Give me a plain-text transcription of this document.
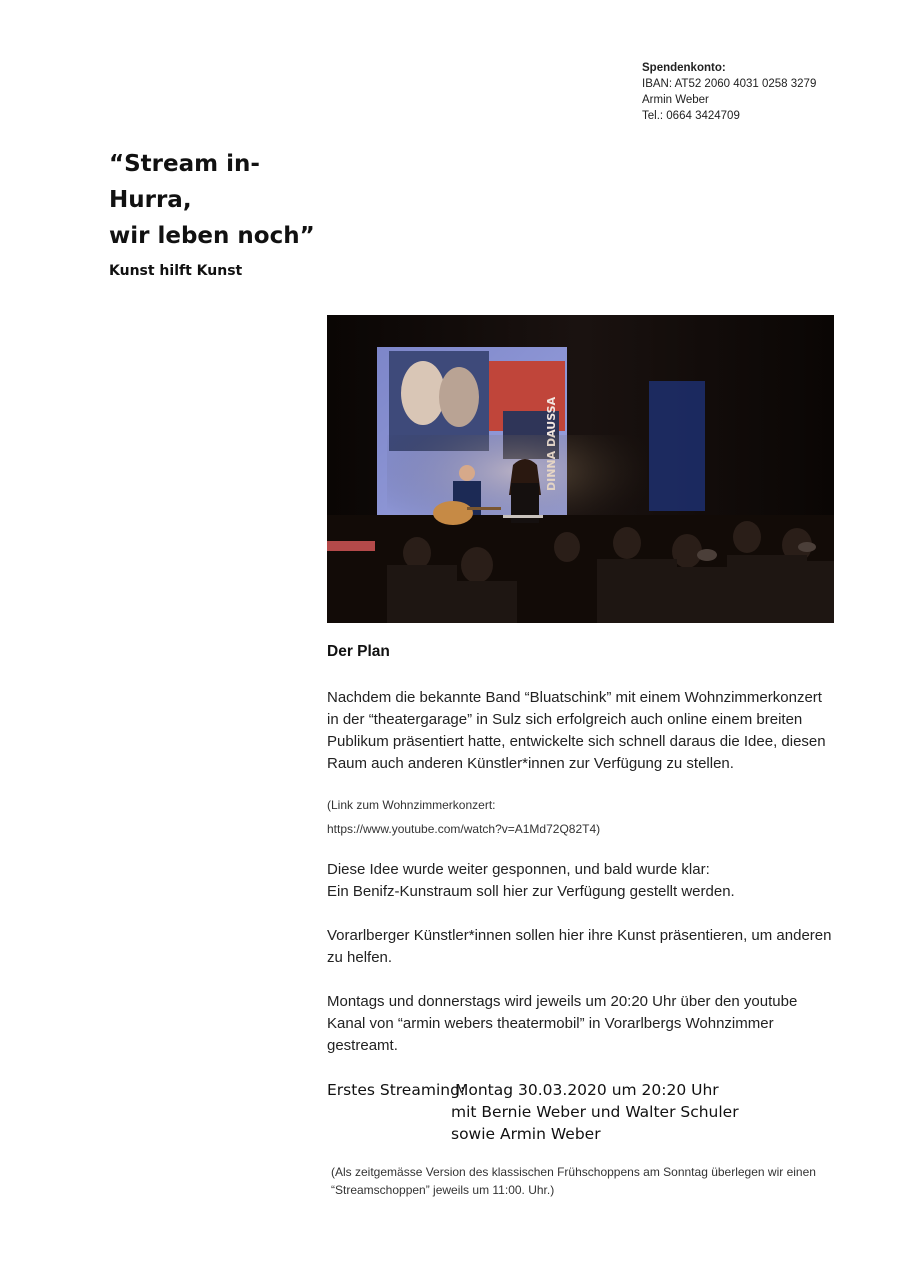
Spendenkonto:
IBAN: AT52 2060 4031 0258 3279
Armin Weber
Tel.: 0664 3424709
“Stream in-
Hurra,
wir leben noch”
Kunst hilft Kunst
Der Plan

Nachdem die bekannte Band “Bluatschink” mit einem Wohnzimmerkonzert in der “theatergarage” in Sulz sich erfolgreich auch online einem breiten Publikum präsentiert hatte, entwickelte sich schnell daraus die Idee, diesen Raum auch anderen Künstler*innen zur Verfügung zu stellen.

(Link zum Wohnzimmerkonzert:
https://www.youtube.com/watch?v=A1Md72Q82T4)

Diese Idee wurde weiter gesponnen, und bald wurde klar:
Ein Benifz-Kunstraum soll hier zur Verfügung gestellt werden.

Vorarlberger Künstler*innen sollen hier ihre Kunst präsentieren, um anderen zu helfen.

Montags und donnerstags wird jeweils um 20:20 Uhr über den youtube Kanal von “armin webers theatermobil” in Vorarlbergs Wohnzimmer gestreamt.

Erstes Streaming:Montag 30.03.2020 um 20:20 Uhr
mit Bernie Weber und Walter Schuler
sowie Armin Weber
(Als zeitgemässe Version des klassischen Frühschoppens am Sonntag überlegen wir einen “Streamschoppen” jeweils um 11:00. Uhr.)
